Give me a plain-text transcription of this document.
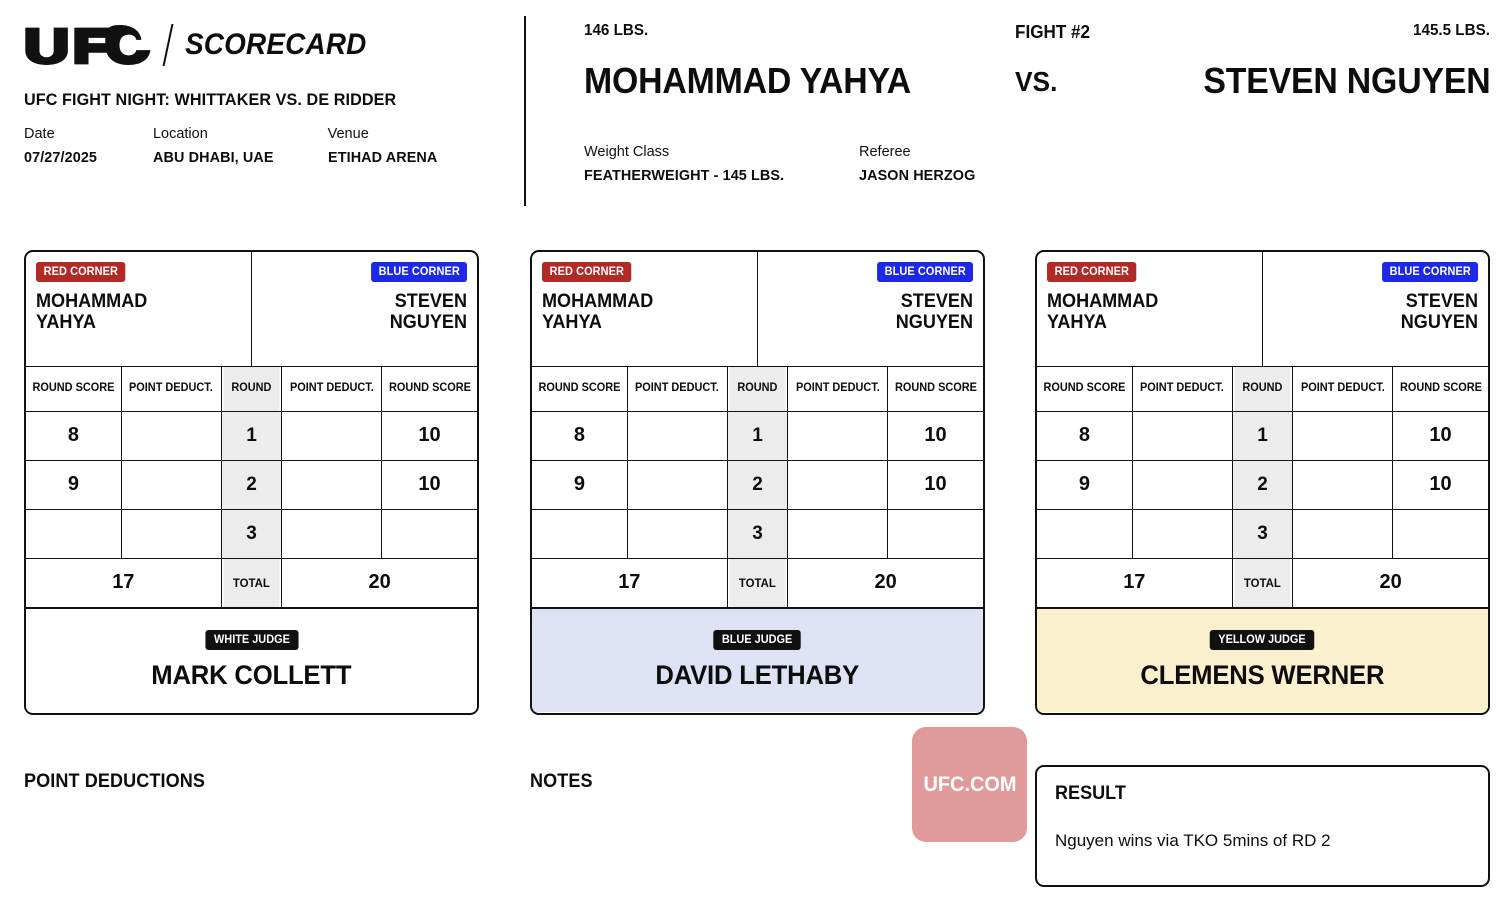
SCORECARD
UFC FIGHT NIGHT: WHITTAKER VS. DE RIDDER
Date
07/27/2025
Location
ABU DHABI, UAE
Venue
ETIHAD ARENA
146 LBS.	FIGHT #2	145.5 LBS.
MOHAMMAD YAHYA	VS.	STEVEN NGUYEN
Weight Class
FEATHERWEIGHT - 145 LBS.
Referee
JASON HERZOG
RED CORNER
MOHAMMAD
YAHYA
BLUE CORNER
STEVEN
NGUYEN
ROUND SCORE	POINT DEDUCT.	ROUND	POINT DEDUCT.	ROUND SCORE
8		1		10
9		2		10
		3		
17		TOTAL	20	
WHITE JUDGE
MARK COLLETT
RED CORNER
MOHAMMAD
YAHYA
BLUE CORNER
STEVEN
NGUYEN
ROUND SCORE	POINT DEDUCT.	ROUND	POINT DEDUCT.	ROUND SCORE
8		1		10
9		2		10
		3		
17		TOTAL	20	
BLUE JUDGE
DAVID LETHABY
RED CORNER
MOHAMMAD
YAHYA
BLUE CORNER
STEVEN
NGUYEN
ROUND SCORE	POINT DEDUCT.	ROUND	POINT DEDUCT.	ROUND SCORE
8		1		10
9		2		10
		3		
17		TOTAL	20	
YELLOW JUDGE
CLEMENS WERNER
POINT DEDUCTIONS	NOTES	UFC.COM RESULT
Nguyen wins via TKO 5mins of RD 2
